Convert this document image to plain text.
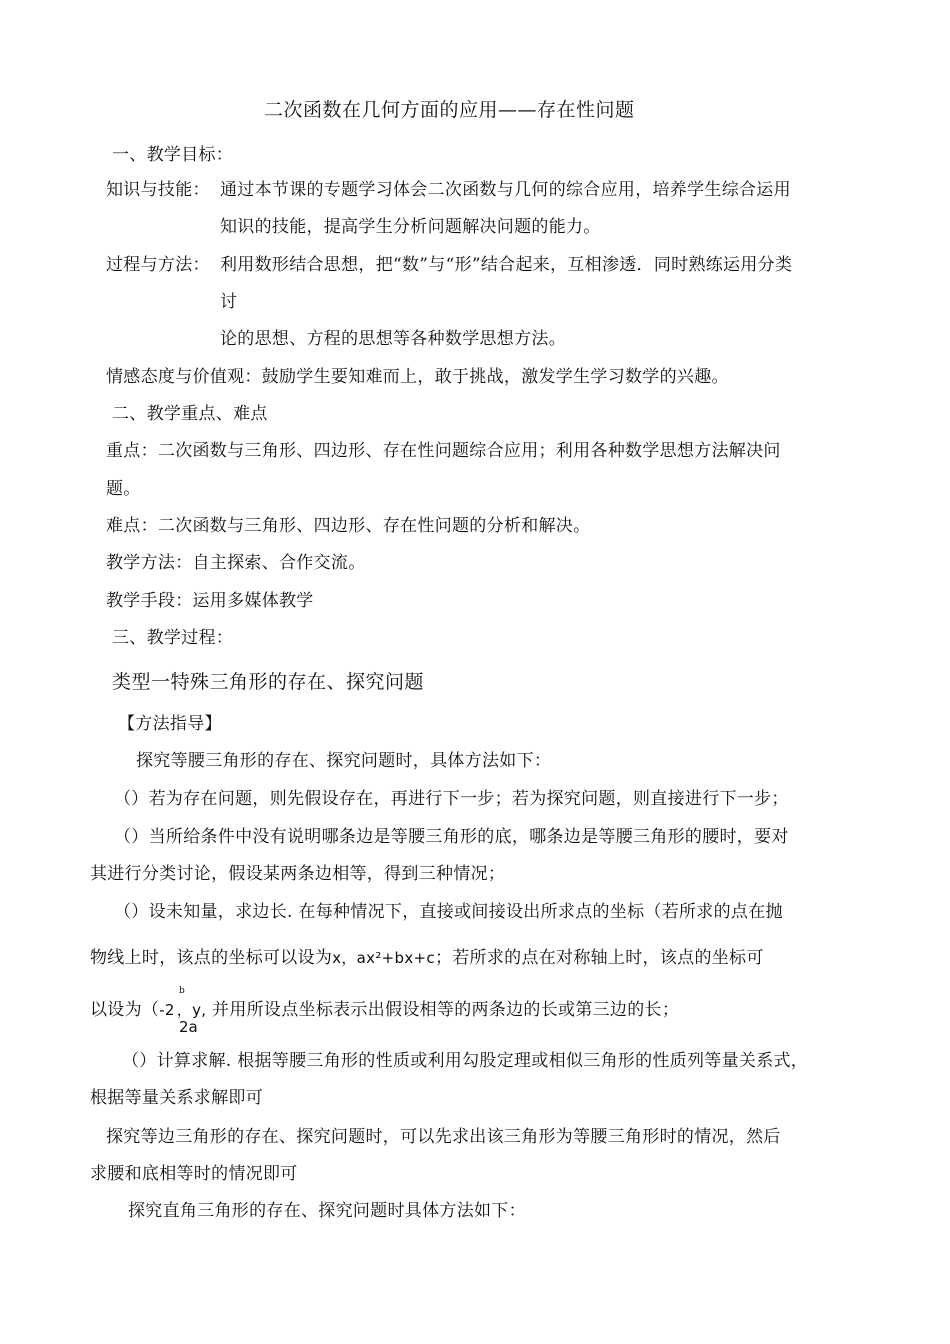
二次函数在几何方面的应用——存在性问题
一、教学目标：
知识与技能： 通过本节课的专题学习体会二次函数与几何的综合应用，培养学生综合运用
知识的技能，提高学生分析问题解决问题的能力。
过程与方法： 利用数形结合思想，把“数”与“形”结合起来，互相渗透．同时熟练运用分类
讨
论的思想、方程的思想等各种数学思想方法。
情感态度与价值观：鼓励学生要知难而上，敢于挑战，激发学生学习数学的兴趣。
二、教学重点、难点
重点：二次函数与三角形、四边形、存在性问题综合应用；利用各种数学思想方法解决问
题。
难点：二次函数与三角形、四边形、存在性问题的分析和解决。
教学方法：自主探索、合作交流。
教学手段：运用多媒体教学
三、教学过程：
类型一特殊三角形的存在、探究问题
【方法指导】
探究等腰三角形的存在、探究问题时，具体方法如下：
（）若为存在问题，则先假设存在，再进行下一步；若为探究问题，则直接进行下一步；
（）当所给条件中没有说明哪条边是等腰三角形的底，哪条边是等腰三角形的腰时，要对
其进行分类讨论，假设某两条边相等，得到三种情况；
（）设未知量，求边长. 在每种情况下，直接或间接设出所求点的坐标（若所求的点在抛
物线上时，该点的坐标可以设为x，ax²+bx+c；若所求的点在对称轴上时，该点的坐标可
以设为（-2 ，y, 并用所设点坐标表示出假设相等的两条边的长或第三边的长；
b
2a
（）计算求解. 根据等腰三角形的性质或利用勾股定理或相似三角形的性质列等量关系式，
根据等量关系求解即可
探究等边三角形的存在、探究问题时，可以先求出该三角形为等腰三角形时的情况，然后
求腰和底相等时的情况即可
探究直角三角形的存在、探究问题时具体方法如下：
